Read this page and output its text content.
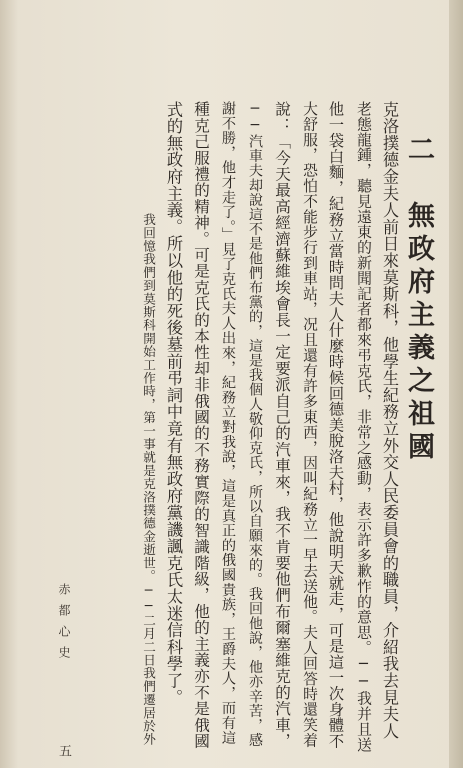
二　無政府主義之祖國
克洛撲德金夫人前日來莫斯科，他學生紀務立外交人民委員會的職員，介紹我去見夫人
老態龍鍾，聽見遠東的新聞記者都來弔克氏，非常之感動，表示許多歉怍的意思。──我并且送
他一袋白麵，紀務立當時問夫人什麼時候回德美脫洛夫村，他說明天就走，可是這一次身體不
大舒服，恐怕不能步行到車站，况且還有許多東西，因叫紀務立一早去送他。夫人回答時還笑着
說：「今天最高經濟蘇維埃會長一定要派自己的汽車來，我不肯要他們布爾塞維克的汽車，
──汽車夫却說這不是他們布黨的，這是我個人敬仰克氏，所以自願來的。我回他說，他亦辛苦，感
謝不勝，他才走了。」見了克氏夫人出來，紀務立對我說，這是真正的俄國貴族，王爵夫人，而有這
種克己服禮的精神。可是克氏的本性却非俄國的不務實際的智識階級，他的主義亦不是俄國
式的無政府主義。所以他的死後墓前弔詞中竟有無政府黨譏諷克氏太迷信科學了。
我回憶我們到莫斯科開始工作時，第一事就是克洛撲德金逝世。──二月二日我們遷居於外
赤都心史
五
